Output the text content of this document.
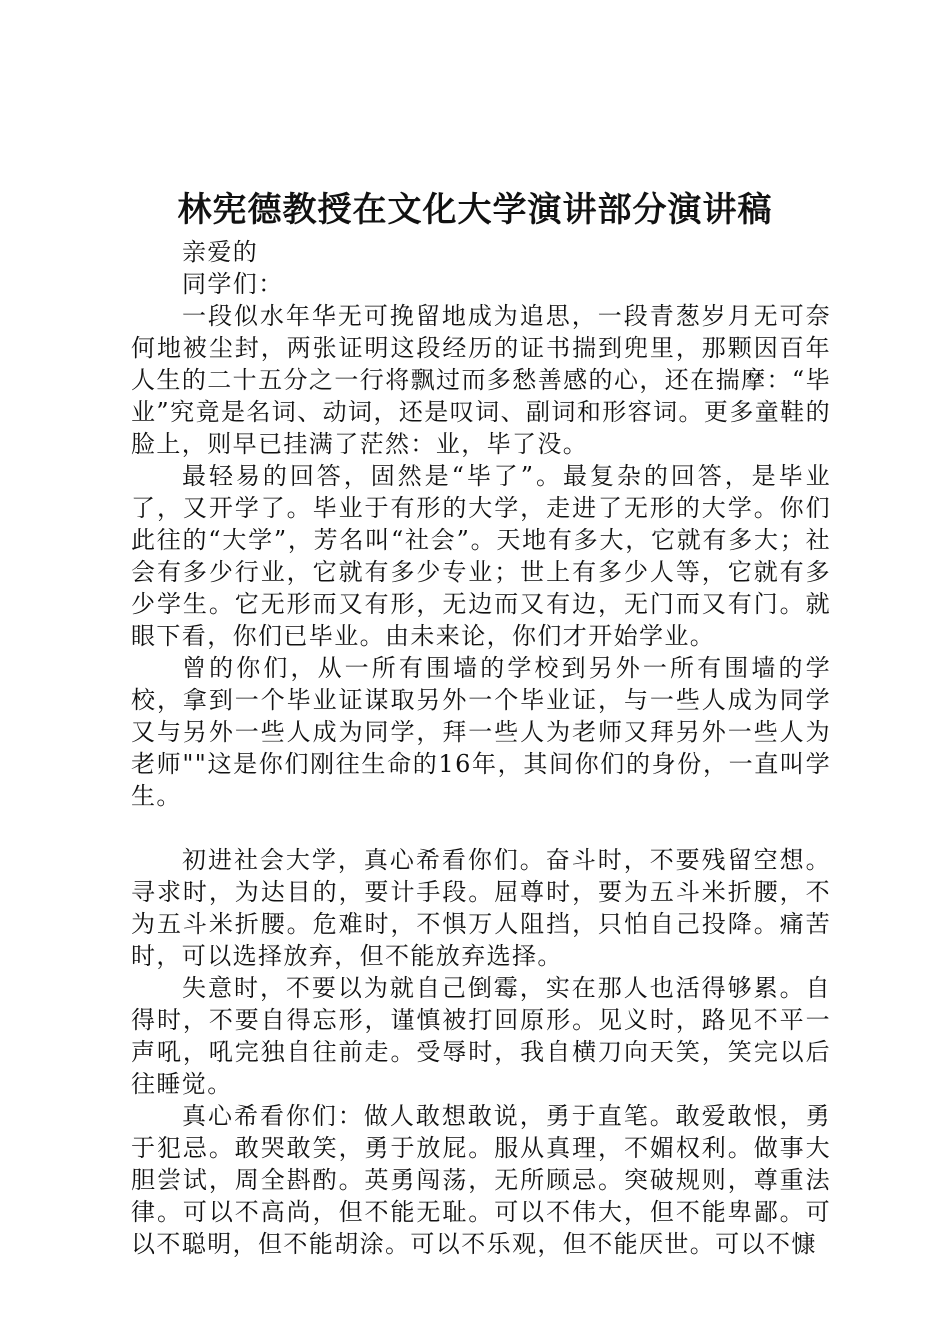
林宪德教授在文化大学演讲部分演讲稿

亲爱的

同学们：

一段似水年华无可挽留地成为追思，一段青葱岁月无可奈何地被尘封，两张证明这段经历的证书揣到兜里，那颗因百年人生的二十五分之一行将飘过而多愁善感的心，还在揣摩：“毕业”究竟是名词、动词，还是叹词、副词和形容词。更多童鞋的脸上，则早已挂满了茫然：业，毕了没。

最轻易的回答，固然是“毕了”。最复杂的回答，是毕业了，又开学了。毕业于有形的大学，走进了无形的大学。你们此往的“大学”，芳名叫“社会”。天地有多大，它就有多大；社会有多少行业，它就有多少专业；世上有多少人等，它就有多少学生。它无形而又有形，无边而又有边，无门而又有门。就眼下看，你们已毕业。由未来论，你们才开始学业。

曾的你们，从一所有围墙的学校到另外一所有围墙的学校，拿到一个毕业证谋取另外一个毕业证，与一些人成为同学又与另外一些人成为同学，拜一些人为老师又拜另外一些人为老师""这是你们刚往生命的16年，其间你们的身份，一直叫学生。

初进社会大学，真心希看你们。奋斗时，不要残留空想。寻求时，为达目的，要计手段。屈尊时，要为五斗米折腰，不为五斗米折腰。危难时，不惧万人阻挡，只怕自己投降。痛苦时，可以选择放弃，但不能放弃选择。

失意时，不要以为就自己倒霉，实在那人也活得够累。自得时，不要自得忘形，谨慎被打回原形。见义时，路见不平一声吼，吼完独自往前走。受辱时，我自横刀向天笑，笑完以后往睡觉。

真心希看你们：做人敢想敢说，勇于直笔。敢爱敢恨，勇于犯忌。敢哭敢笑，勇于放屁。服从真理，不媚权利。做事大胆尝试，周全斟酌。英勇闯荡，无所顾忌。突破规则，尊重法律。可以不高尚，但不能无耻。可以不伟大，但不能卑鄙。可以不聪明，但不能胡涂。可以不乐观，但不能厌世。可以不慷
